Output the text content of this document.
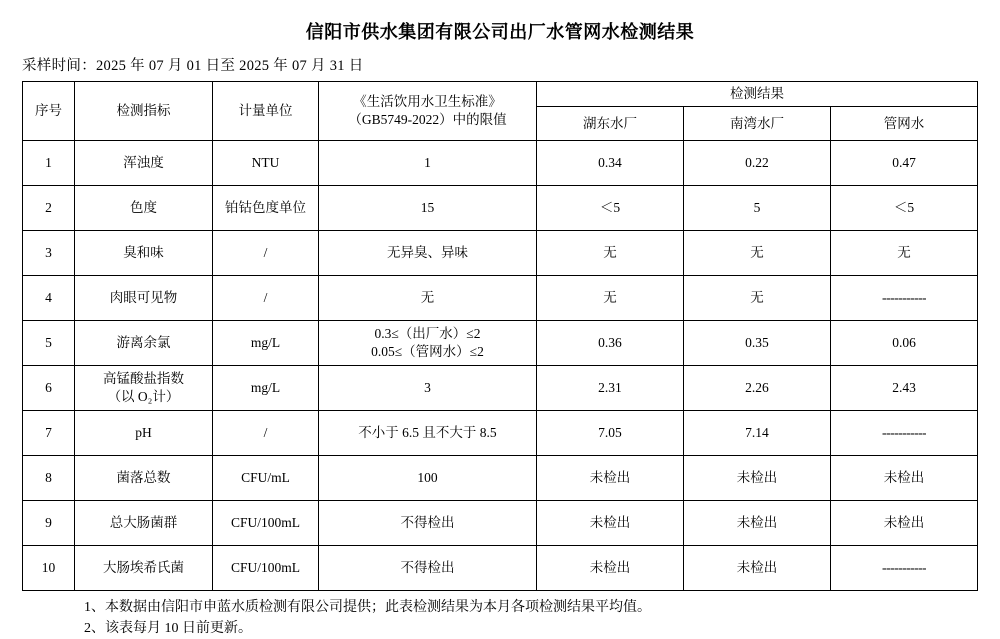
信阳市供水集团有限公司出厂水管网水检测结果
采样时间：2025 年 07 月 01 日至 2025 年 07 月 31 日
序号	检测指标	计量单位	《生活饮用水卫生标准》
（GB5749-2022）中的限值	检测结果		
				湖东水厂	南湾水厂	管网水
1	浑浊度	NTU	1	0.34	0.22	0.47
2	色度	铂钴色度单位	15	＜5	5	＜5
3	臭和味	/	无异臭、异味	无	无	无
4	肉眼可见物	/	无	无	无	-----------
5	游离余氯	mg/L	0.3≤（出厂水）≤2
0.05≤（管网水）≤2	0.36	0.35	0.06
6	高锰酸盐指数
（以 O₂计）	mg/L	3	2.31	2.26	2.43
7	pH	/	不小于 6.5 且不大于 8.5	7.05	7.14	-----------
8	菌落总数	CFU/mL	100	未检出	未检出	未检出
9	总大肠菌群	CFU/100mL	不得检出	未检出	未检出	未检出
10	大肠埃希氏菌	CFU/100mL	不得检出	未检出	未检出	-----------
1、本数据由信阳市申蓝水质检测有限公司提供；此表检测结果为本月各项检测结果平均值。
2、该表每月 10 日前更新。
